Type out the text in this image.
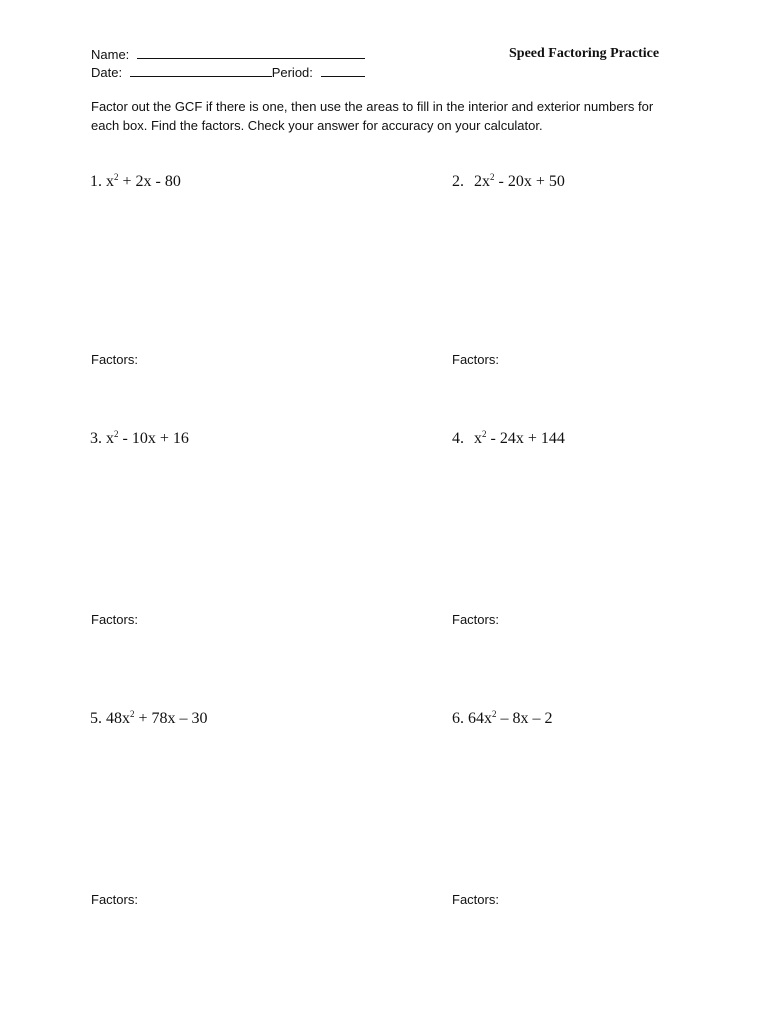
Name:
Date:	Period:
Speed Factoring Practice
Factor out the GCF if there is one, then use the areas to fill in the interior and exterior numbers for each box. Find the factors. Check your answer for accuracy on your calculator.
1. $x^2 + 2x - 80$	2. $2x^2 - 20x + 50$
Factors:	Factors:
3. $x^2 - 10x + 16$	4. $x^2 - 24x + 144$
Factors:	Factors:
5. $48x^2 + 78x - 30$	6. $64x^2 - 8x - 2$
Factors:	Factors:
